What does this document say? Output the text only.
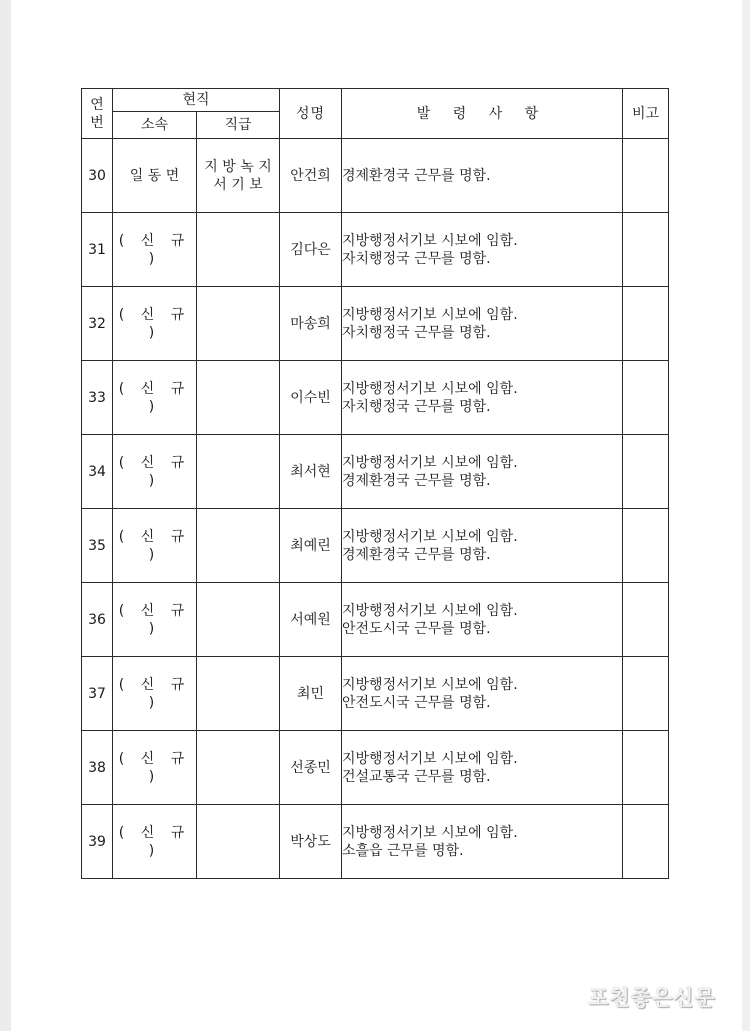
연
번	현직		성명	발 령 사 항	비고
	소속	직급			
30	일 동 면	지 방 녹 지 서 기 보	안건희	경제환경국 근무를 명함.	

31	( 신 규 )		김다은	지방행정서기보 시보에 임함.
자치행정국 근무를 명함.	

32	( 신 규 )		마송희	지방행정서기보 시보에 임함.
자치행정국 근무를 명함.	

33	( 신 규 )		이수빈	지방행정서기보 시보에 임함.
자치행정국 근무를 명함.	

34	( 신 규 )		최서현	지방행정서기보 시보에 임함.
경제환경국 근무를 명함.	

35	( 신 규 )		최예린	지방행정서기보 시보에 임함.
경제환경국 근무를 명함.	

36	( 신 규 )		서예원	지방행정서기보 시보에 임함.
안전도시국 근무를 명함.	

37	( 신 규 )		최민	지방행정서기보 시보에 임함.
안전도시국 근무를 명함.	

38	( 신 규 )		선종민	지방행정서기보 시보에 임함.
건설교통국 근무를 명함.	

39	( 신 규 )		박상도	지방행정서기보 시보에 임함.
소흘읍 근무를 명함.	

포천좋은신문
